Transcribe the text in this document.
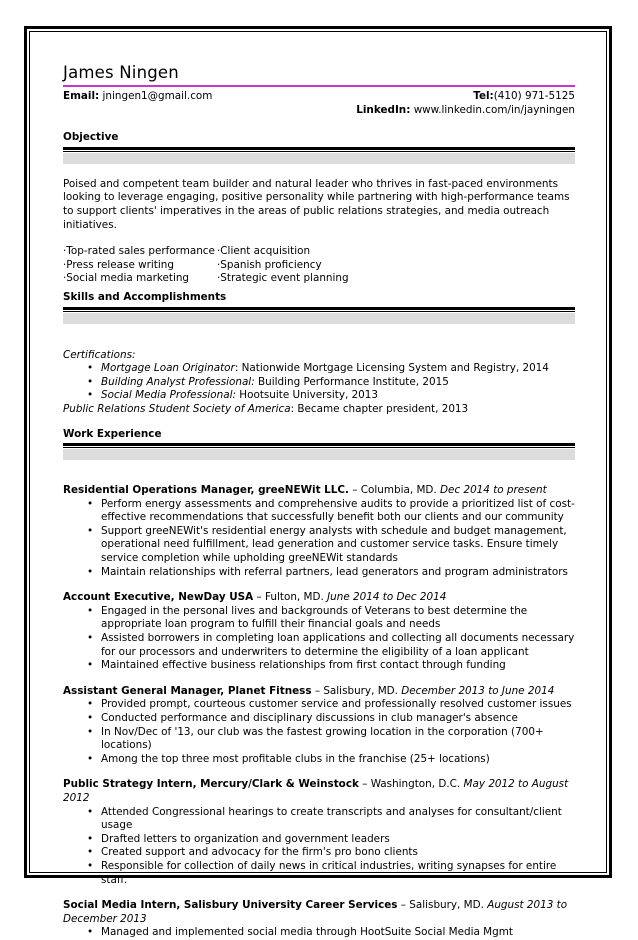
James Ningen
Email: jningen1@gmail.com	Tel:(410) 971-5125
LinkedIn: www.linkedin.com/in/jayningen
Objective
Poised and competent team builder and natural leader who thrives in fast-paced environments looking to leverage engaging, positive personality while partnering with high-performance teams to support clients' imperatives in the areas of public relations strategies, and media outreach initiatives.
·Top-rated sales performance ·Client acquisition
·Press release writing	·Spanish proficiency
·Social media marketing	·Strategic event planning
Skills and Accomplishments
Certifications:
• Mortgage Loan Originator: Nationwide Mortgage Licensing System and Registry, 2014
• Building Analyst Professional: Building Performance Institute, 2015
• Social Media Professional: Hootsuite University, 2013
Public Relations Student Society of America: Became chapter president, 2013
Work Experience
Residential Operations Manager, greeNEWit LLC. – Columbia, MD. Dec 2014 to present
• Perform energy assessments and comprehensive audits to provide a prioritized list of cost-effective recommendations that successfully benefit both our clients and our community
• Support greeNEWit's residential energy analysts with schedule and budget management, operational need fulfillment, lead generation and customer service tasks. Ensure timely service completion while upholding greeNEWit standards
• Maintain relationships with referral partners, lead generators and program administrators
Account Executive, NewDay USA – Fulton, MD. June 2014 to Dec 2014
• Engaged in the personal lives and backgrounds of Veterans to best determine the appropriate loan program to fulfill their financial goals and needs
• Assisted borrowers in completing loan applications and collecting all documents necessary for our processors and underwriters to determine the eligibility of a loan applicant
• Maintained effective business relationships from first contact through funding
Assistant General Manager, Planet Fitness – Salisbury, MD. December 2013 to June 2014
• Provided prompt, courteous customer service and professionally resolved customer issues
• Conducted performance and disciplinary discussions in club manager's absence
• In Nov/Dec of '13, our club was the fastest growing location in the corporation (700+ locations)
• Among the top three most profitable clubs in the franchise (25+ locations)
Public Strategy Intern, Mercury/Clark & Weinstock – Washington, D.C. May 2012 to August 2012
• Attended Congressional hearings to create transcripts and analyses for consultant/client usage
• Drafted letters to organization and government leaders
• Created support and advocacy for the firm's pro bono clients
• Responsible for collection of daily news in critical industries, writing synapses for entire staff.
Social Media Intern, Salisbury University Career Services – Salisbury, MD. August 2013 to December 2013
• Managed and implemented social media through HootSuite Social Media Mgmt
